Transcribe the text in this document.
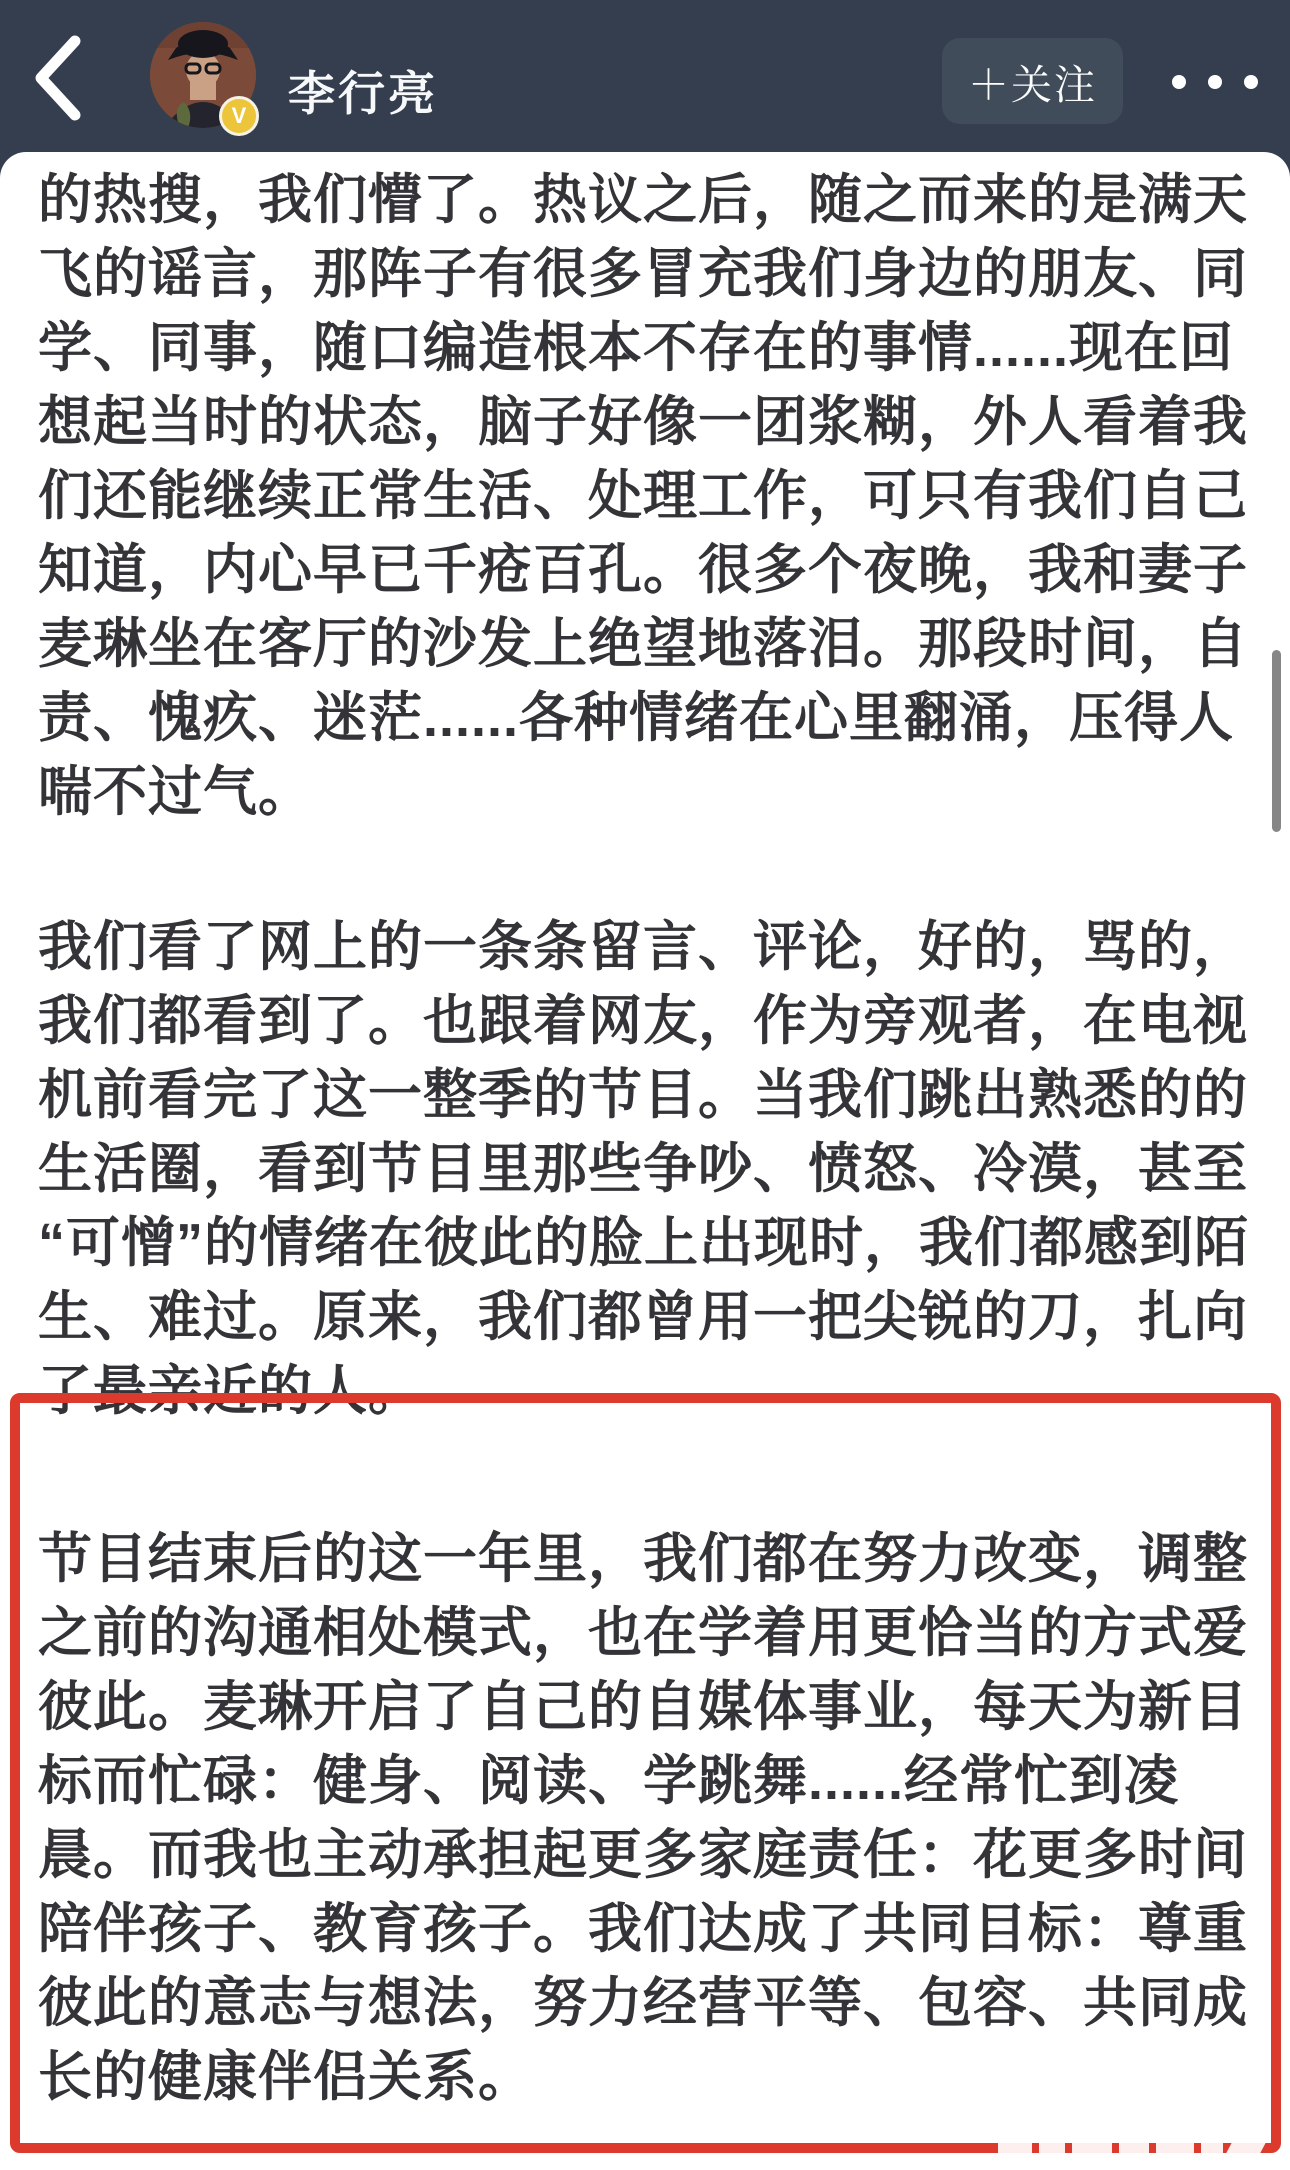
V 李行亮	＋关注
的热搜，我们懵了。热议之后，随之而来的是满天
飞的谣言，那阵子有很多冒充我们身边的朋友、同
学、同事，随口编造根本不存在的事情......现在回
想起当时的状态，脑子好像一团浆糊，外人看着我
们还能继续正常生活、处理工作，可只有我们自己
知道，内心早已千疮百孔。很多个夜晚，我和妻子
麦琳坐在客厅的沙发上绝望地落泪。那段时间，自
责、愧疚、迷茫......各种情绪在心里翻涌，压得人
喘不过气。
我们看了网上的一条条留言、评论，好的，骂的，
我们都看到了。也跟着网友，作为旁观者，在电视
机前看完了这一整季的节目。当我们跳出熟悉的的
生活圈，看到节目里那些争吵、愤怒、冷漠，甚至
“可憎”的情绪在彼此的脸上出现时，我们都感到陌
生、难过。原来，我们都曾用一把尖锐的刀，扎向
了最亲近的人。
节目结束后的这一年里，我们都在努力改变，调整
之前的沟通相处模式，也在学着用更恰当的方式爱
彼此。麦琳开启了自己的自媒体事业，每天为新目
标而忙碌：健身、阅读、学跳舞......经常忙到凌
晨。而我也主动承担起更多家庭责任：花更多时间
陪伴孩子、教育孩子。我们达成了共同目标：尊重
彼此的意志与想法，努力经营平等、包容、共同成
长的健康伴侣关系。
